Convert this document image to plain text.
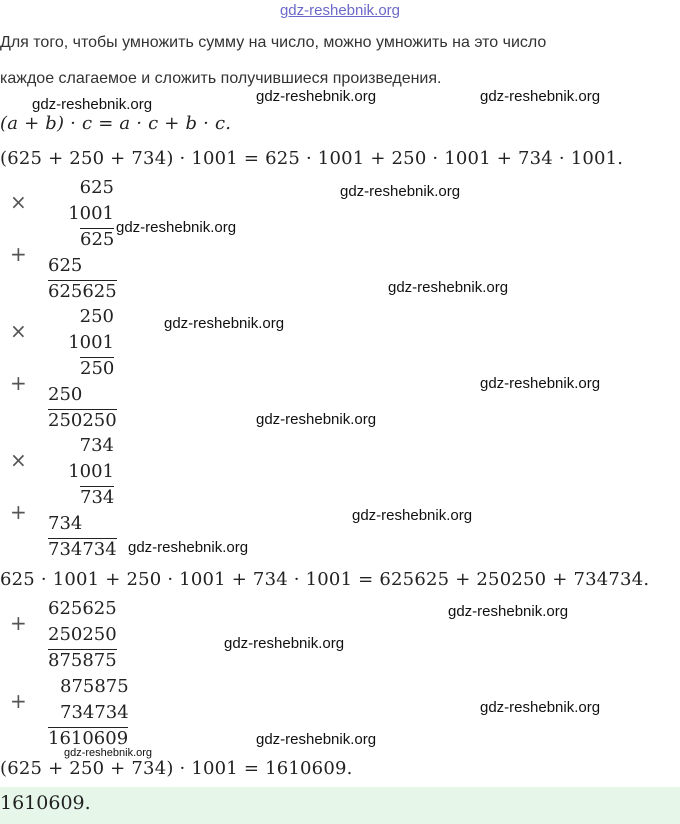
gdz-reshebnik.org
Для того, чтобы умножить сумму на число, можно умножить на это число
каждое слагаемое и сложить получившиеся произведения.
gdz-reshebnik.org	gdz-reshebnik.org	gdz-reshebnik.org
(a + b) · c = a · c + b · c.
(625 + 250 + 734) · 1001 = 625 · 1001 + 250 · 1001 + 734 · 1001.
×
625
1001
625
+ 625
625625
gdz-reshebnik.org
gdz-reshebnik.org
gdz-reshebnik.org
×
250
1001
250
+ 250
250250
gdz-reshebnik.org
gdz-reshebnik.org
gdz-reshebnik.org
×
734
1001
734
+ 734
734734
gdz-reshebnik.org
gdz-reshebnik.org
625 · 1001 + 250 · 1001 + 734 · 1001 = 625625 + 250250 + 734734.
+
625625
250250
875875
gdz-reshebnik.org
gdz-reshebnik.org
+
875875
734734
1610609
gdz-reshebnik.org
gdz-reshebnik.org
gdz-reshebnik.org
(625 + 250 + 734) · 1001 = 1610609.
1610609.
